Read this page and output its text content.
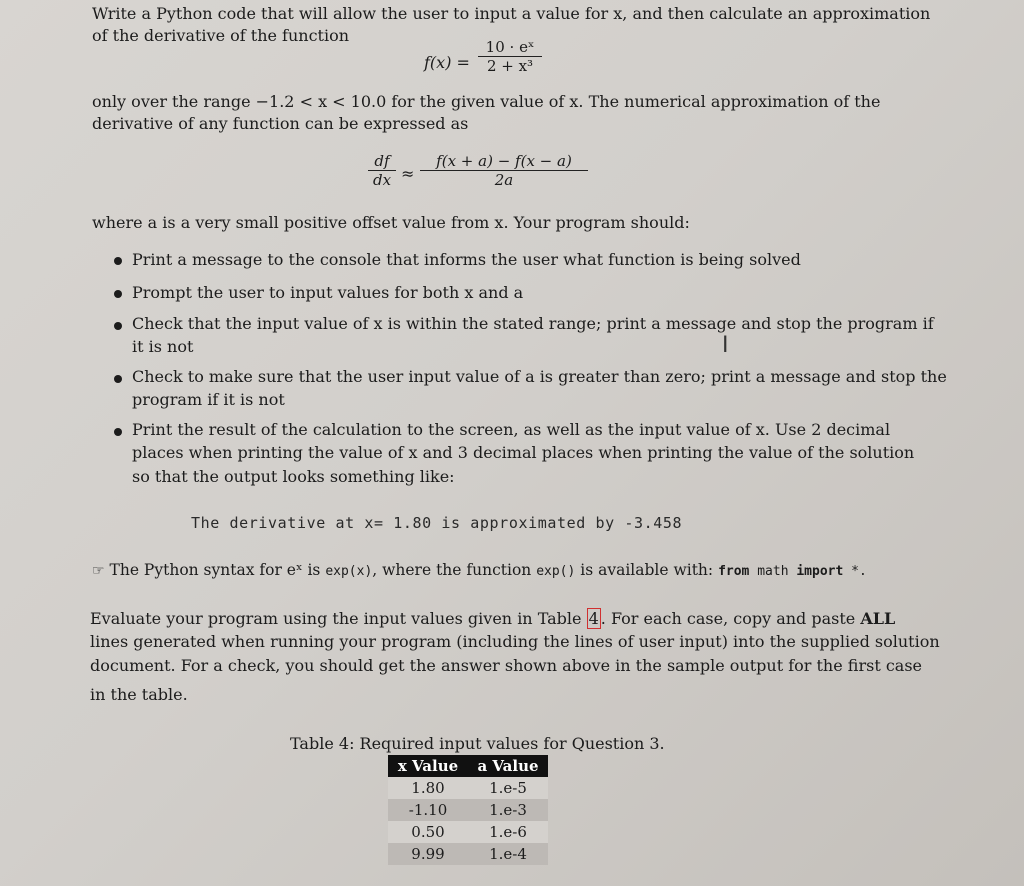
Write a Python code that will allow the user to input a value for x, and then calculate an approximation
of the derivative of the function
$f(x) = \frac{\text{10 · eˣ}}{\text{2 + x³}}$
only over the range −1.2 < x < 10.0 for the given value of x. The numerical approximation of the
derivative of any function can be expressed as
$\frac{df}{dx} \approx \frac{f(x + a) - f(x - a)}{2a}$
where a is a very small positive offset value from x. Your program should:
Print a message to the console that informs the user what function is being solved
Prompt the user to input values for both x and a
Check that the input value of x is within the stated range; print a message and stop the program if
it is not
Check to make sure that the user input value of a is greater than zero; print a message and stop the
program if it is not
Print the result of the calculation to the screen, as well as the input value of x. Use 2 decimal
places when printing the value of x and 3 decimal places when printing the value of the solution
so that the output looks something like:
I
The derivative at x= 1.80 is approximated by -3.458
☞ The Python syntax for eˣ is exp(x), where the function exp() is available with: from math import *.
Evaluate your program using the input values given in Table 4 . For each case, copy and paste ALL
lines generated when running your program (including the lines of user input) into the supplied solution
document. For a check, you should get the answer shown above in the sample output for the first case
in the table.
Table 4: Required input values for Question 3.
x Value	a Value
1.80	1.e-5
-1.10	1.e-3
0.50	1.e-6
9.99	1.e-4
